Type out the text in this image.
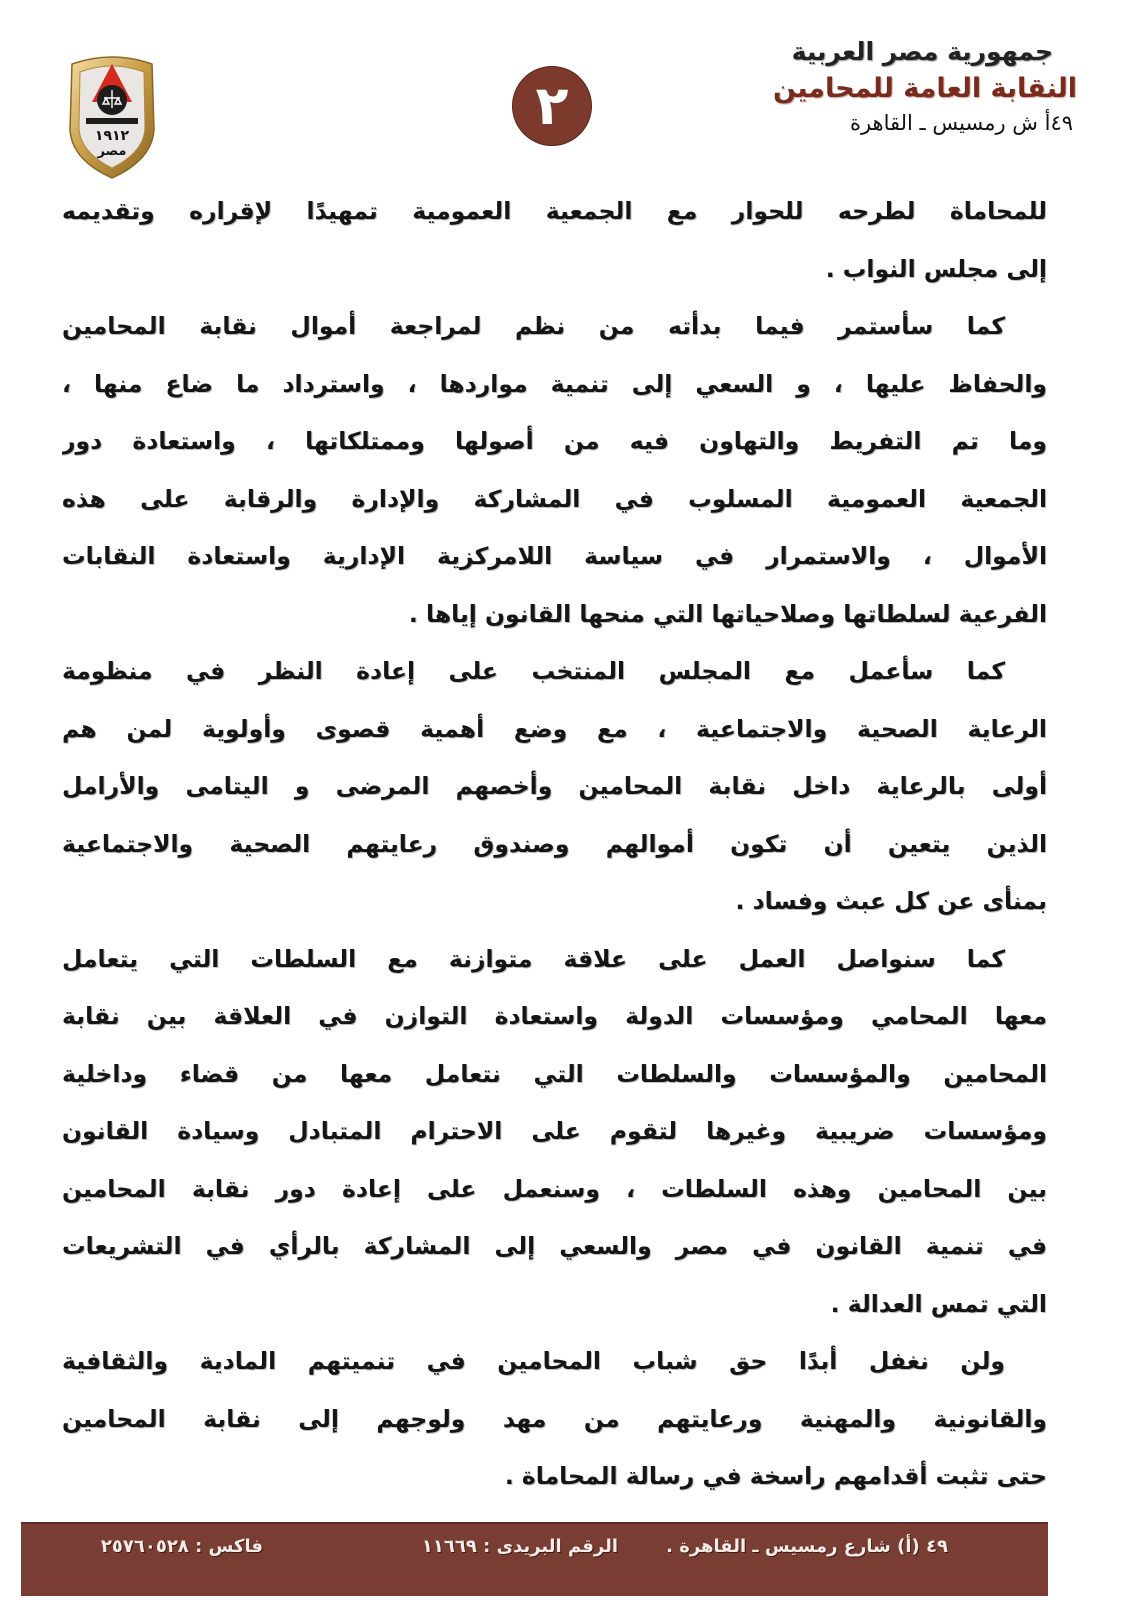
١٩١٢
مصر
٢
جمهورية مصر العربية
النقابة العامة للمحامين
٤٩أ ش رمسيس ـ القاهرة
للمحاماة لطرحه للحوار مع الجمعية العمومية تمهيدًا لإقراره وتقديمه
إلى مجلس النواب .
كما سأستمر فيما بدأته من نظم لمراجعة أموال نقابة المحامين
والحفاظ عليها ، و السعي إلى تنمية مواردها ، واسترداد ما ضاع منها ،
وما تم التفريط والتهاون فيه من أصولها وممتلكاتها ، واستعادة دور
الجمعية العمومية المسلوب في المشاركة والإدارة والرقابة على هذه
الأموال ، والاستمرار في سياسة اللامركزية الإدارية واستعادة النقابات
الفرعية لسلطاتها وصلاحياتها التي منحها القانون إياها .
كما سأعمل مع المجلس المنتخب على إعادة النظر في منظومة
الرعاية الصحية والاجتماعية ، مع وضع أهمية قصوى وأولوية لمن هم
أولى بالرعاية داخل نقابة المحامين وأخصهم المرضى و اليتامى والأرامل
الذين يتعين أن تكون أموالهم وصندوق رعايتهم الصحية والاجتماعية
بمنأى عن كل عبث وفساد .
كما سنواصل العمل على علاقة متوازنة مع السلطات التي يتعامل
معها المحامي ومؤسسات الدولة واستعادة التوازن في العلاقة بين نقابة
المحامين والمؤسسات والسلطات التي نتعامل معها من قضاء وداخلية
ومؤسسات ضريبية وغيرها لتقوم على الاحترام المتبادل وسيادة القانون
بين المحامين وهذه السلطات ، وسنعمل على إعادة دور نقابة المحامين
في تنمية القانون في مصر والسعي إلى المشاركة بالرأي في التشريعات
التي تمس العدالة .
ولن نغفل أبدًا حق شباب المحامين في تنميتهم المادية والثقافية
والقانونية والمهنية ورعايتهم من مهد ولوجهم إلى نقابة المحامين
حتى تثبت أقدامهم راسخة في رسالة المحاماة .
٤٩ (أ) شارع رمسيس ـ القاهرة .
الرقم البريدى : ١١٦٦٩
فاكس : ٢٥٧٦٠٥٢٨
